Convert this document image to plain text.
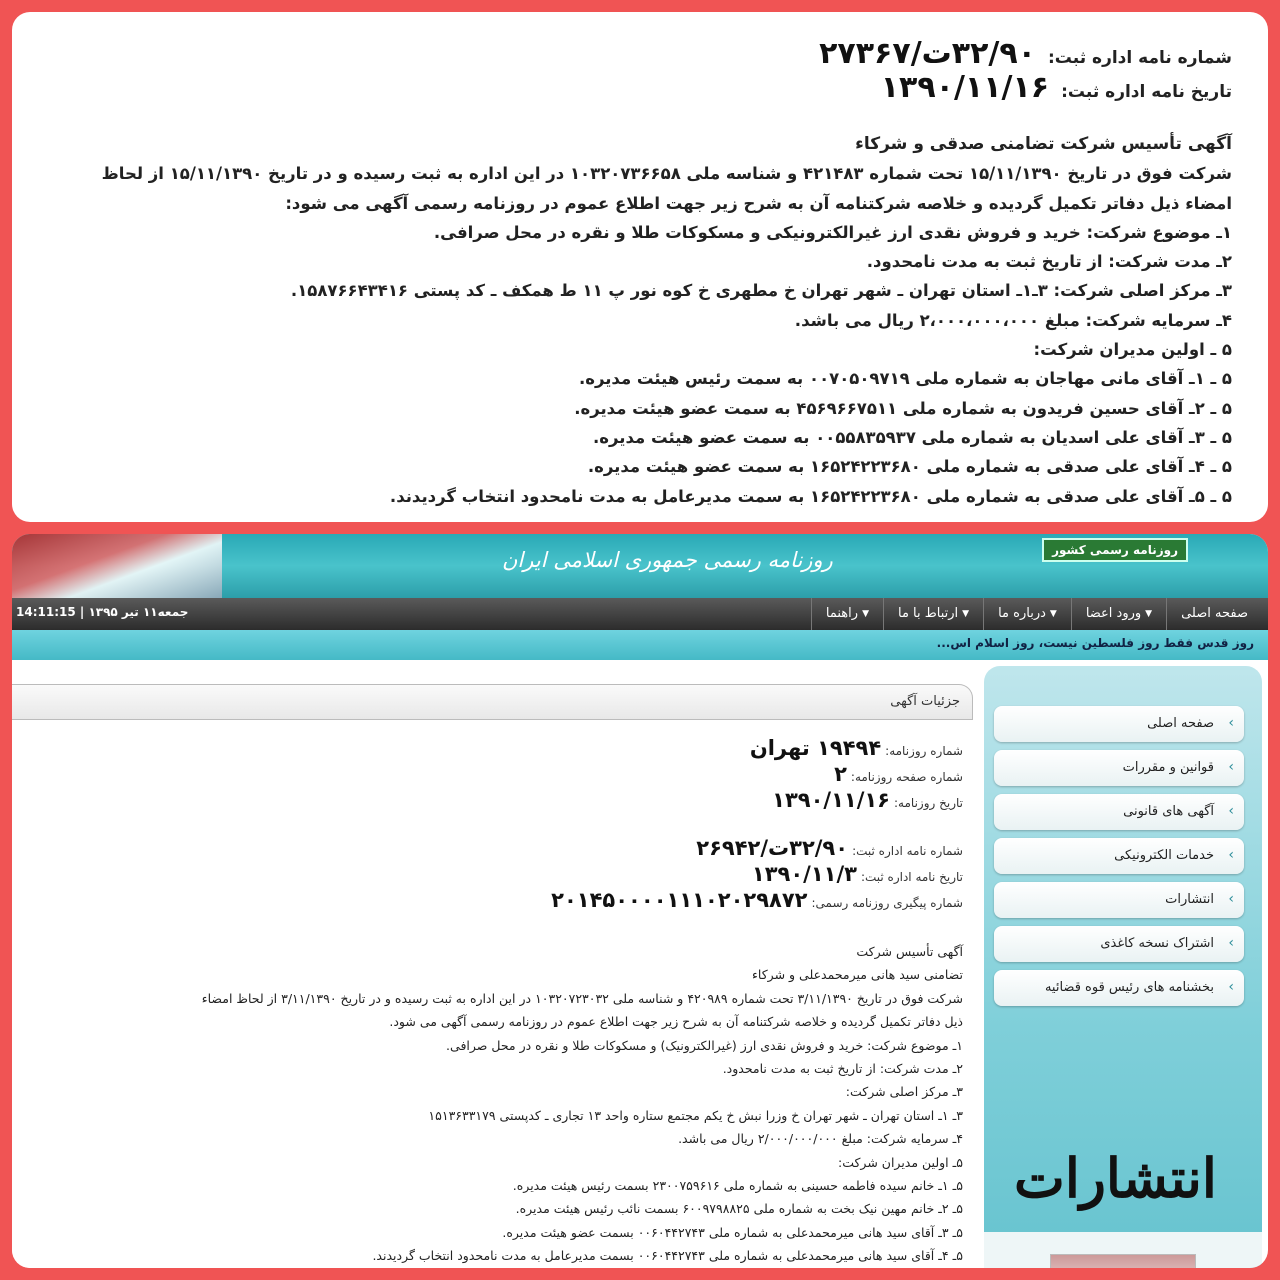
شماره نامه اداره ثبت:
۳۲/۹۰ت/۲۷۳۶۷
تاریخ نامه اداره ثبت:
۱۳۹۰/۱۱/۱۶
آگهی تأسیس شرکت تضامنی صدقی و شرکاء
شرکت فوق در تاریخ ۱۵/۱۱/۱۳۹۰ تحت شماره ۴۲۱۴۸۳ و شناسه ملی ۱۰۳۲۰۷۳۶۶۵۸ در این اداره به ثبت رسیده و در تاریخ ۱۵/۱۱/۱۳۹۰ از لحاظ
امضاء ذیل دفاتر تکمیل گردیده و خلاصه شرکتنامه آن به شرح زیر جهت اطلاع عموم در روزنامه رسمی آگهی می شود:
۱ـ موضوع شرکت: خرید و فروش نقدی ارز غیرالکترونیکی و مسکوکات طلا و نقره در محل صرافی.
۲ـ مدت شرکت: از تاریخ ثبت به مدت نامحدود.
۳ـ مرکز اصلی شرکت: ۳ـ۱ـ استان تهران ـ شهر تهران خ مطهری خ کوه نور پ ۱۱ ط همکف ـ کد پستی ۱۵۸۷۶۶۴۳۴۱۶.
۴ـ سرمایه شرکت: مبلغ ۲،۰۰۰،۰۰۰،۰۰۰ ریال می باشد.
۵ ـ اولین مدیران شرکت:
۵ ـ ۱ـ آقای مانی مهاجان به شماره ملی ۰۰۷۰۵۰۹۷۱۹ به سمت رئیس هیئت مدیره.
۵ ـ ۲ـ آقای حسین فریدون به شماره ملی ۴۵۶۹۶۶۷۵۱۱ به سمت عضو هیئت مدیره.
۵ ـ ۳ـ آقای علی اسدیان به شماره ملی ۰۰۵۵۸۳۵۹۳۷ به سمت عضو هیئت مدیره.
۵ ـ ۴ـ آقای علی صدقی به شماره ملی ۱۶۵۲۴۲۲۳۶۸۰ به سمت عضو هیئت مدیره.
۵ ـ ۵ـ آقای علی صدقی به شماره ملی ۱۶۵۲۴۲۲۳۶۸۰ به سمت مدیرعامل به مدت نامحدود انتخاب گردیدند.
روزنامه رسمی جمهوری اسلامی ایران	روزنامه رسمی کشور
جمعه۱۱ تیر ۱۳۹۵ | 14:11:15	صفحه اصلی
ورود اعضا ▼
درباره ما ▼
ارتباط با ما ▼
راهنما ▼
روز قدس فقط روز فلسطین نیست، روز اسلام اس...
جزئیات آگهی
شماره روزنامه:
۱۹۴۹۴ تهران
شماره صفحه روزنامه:
۲
تاریخ روزنامه:
۱۳۹۰/۱۱/۱۶
شماره نامه اداره ثبت:
۳۲/۹۰ت/۲۶۹۴۲
تاریخ نامه اداره ثبت:
۱۳۹۰/۱۱/۳
شماره پیگیری روزنامه رسمی:
۲۰۱۴۵۰۰۰۰۱۱۱۰۲۰۲۹۸۷۲
آگهی تأسیس شرکت
تضامنی سید هانی میرمحمدعلی و شرکاء
شرکت فوق در تاریخ ۳/۱۱/۱۳۹۰ تحت شماره ۴۲۰۹۸۹ و شناسه ملی ۱۰۳۲۰۷۲۳۰۳۲ در این اداره به ثبت رسیده و در تاریخ ۳/۱۱/۱۳۹۰ از لحاظ امضاء
ذیل دفاتر تکمیل گردیده و خلاصه شرکتنامه آن به شرح زیر جهت اطلاع عموم در روزنامه رسمی آگهی می شود.
۱ـ موضوع شرکت: خرید و فروش نقدی ارز (غیرالکترونیک) و مسکوکات طلا و نقره در محل صرافی.
۲ـ مدت شرکت: از تاریخ ثبت به مدت نامحدود.
۳ـ مرکز اصلی شرکت:
۳ـ ۱ـ استان تهران ـ شهر تهران خ وزرا نبش خ یکم مجتمع ستاره واحد ۱۳ تجاری ـ کدپستی ۱۵۱۳۶۳۳۱۷۹
۴ـ سرمایه شرکت: مبلغ ۲/۰۰۰/۰۰۰/۰۰۰ ریال می باشد.
۵ـ اولین مدیران شرکت:
۵ـ ۱ـ خانم سیده فاطمه حسینی به شماره ملی ۲۳۰۰۷۵۹۶۱۶ بسمت رئیس هیئت مدیره.
۵ـ ۲ـ خانم مهین نیک بخت به شماره ملی ۶۰۰۹۷۹۸۸۲۵ بسمت نائب رئیس هیئت مدیره.
۵ـ ۳ـ آقای سید هانی میرمحمدعلی به شماره ملی ۰۰۶۰۴۴۲۷۴۳ بسمت عضو هیئت مدیره.
۵ـ ۴ـ آقای سید هانی میرمحمدعلی به شماره ملی ۰۰۶۰۴۴۲۷۴۳ بسمت مدیرعامل به مدت نامحدود انتخاب گردیدند.
‹
صفحه اصلی
‹
قوانین و مقررات
‹
آگهی های قانونی
‹
خدمات الکترونیکی
‹
انتشارات
‹
اشتراک نسخه کاغذی
‹
بخشنامه های رئیس قوه قضائیه
انتشارات
